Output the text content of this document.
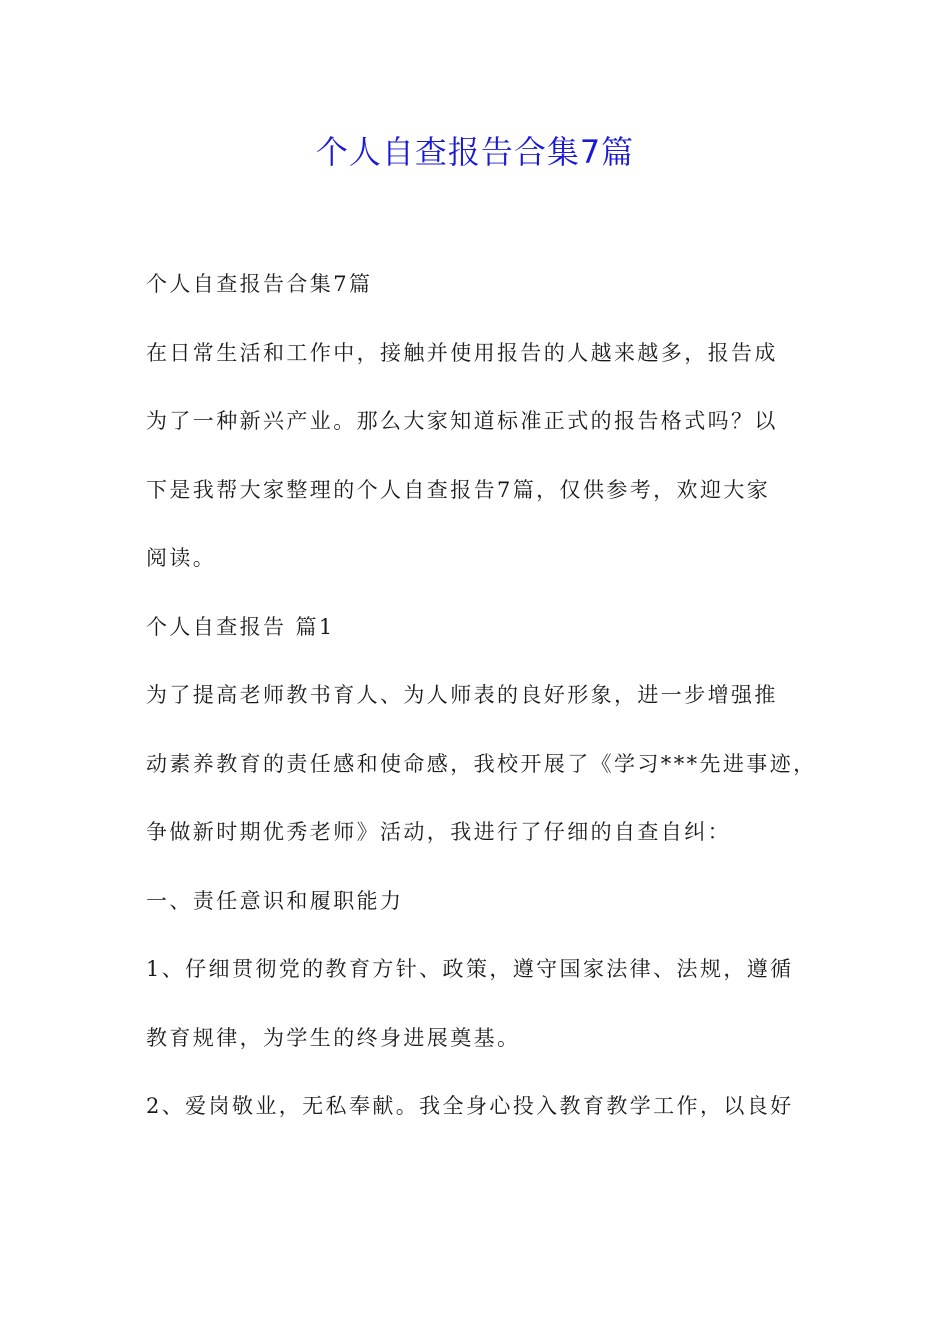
个人自查报告合集7篇
个人自查报告合集7篇
在日常生活和工作中，接触并使用报告的人越来越多，报告成
为了一种新兴产业。那么大家知道标准正式的报告格式吗？以
下是我帮大家整理的个人自查报告7篇，仅供参考，欢迎大家
阅读。
个人自查报告 篇1
为了提高老师教书育人、为人师表的良好形象，进一步增强推
动素养教育的责任感和使命感，我校开展了《学习***先进事迹，
争做新时期优秀老师》活动，我进行了仔细的自查自纠：
一、责任意识和履职能力
1、仔细贯彻党的教育方针、政策，遵守国家法律、法规，遵循
教育规律，为学生的终身进展奠基。
2、爱岗敬业，无私奉献。我全身心投入教育教学工作，以良好
